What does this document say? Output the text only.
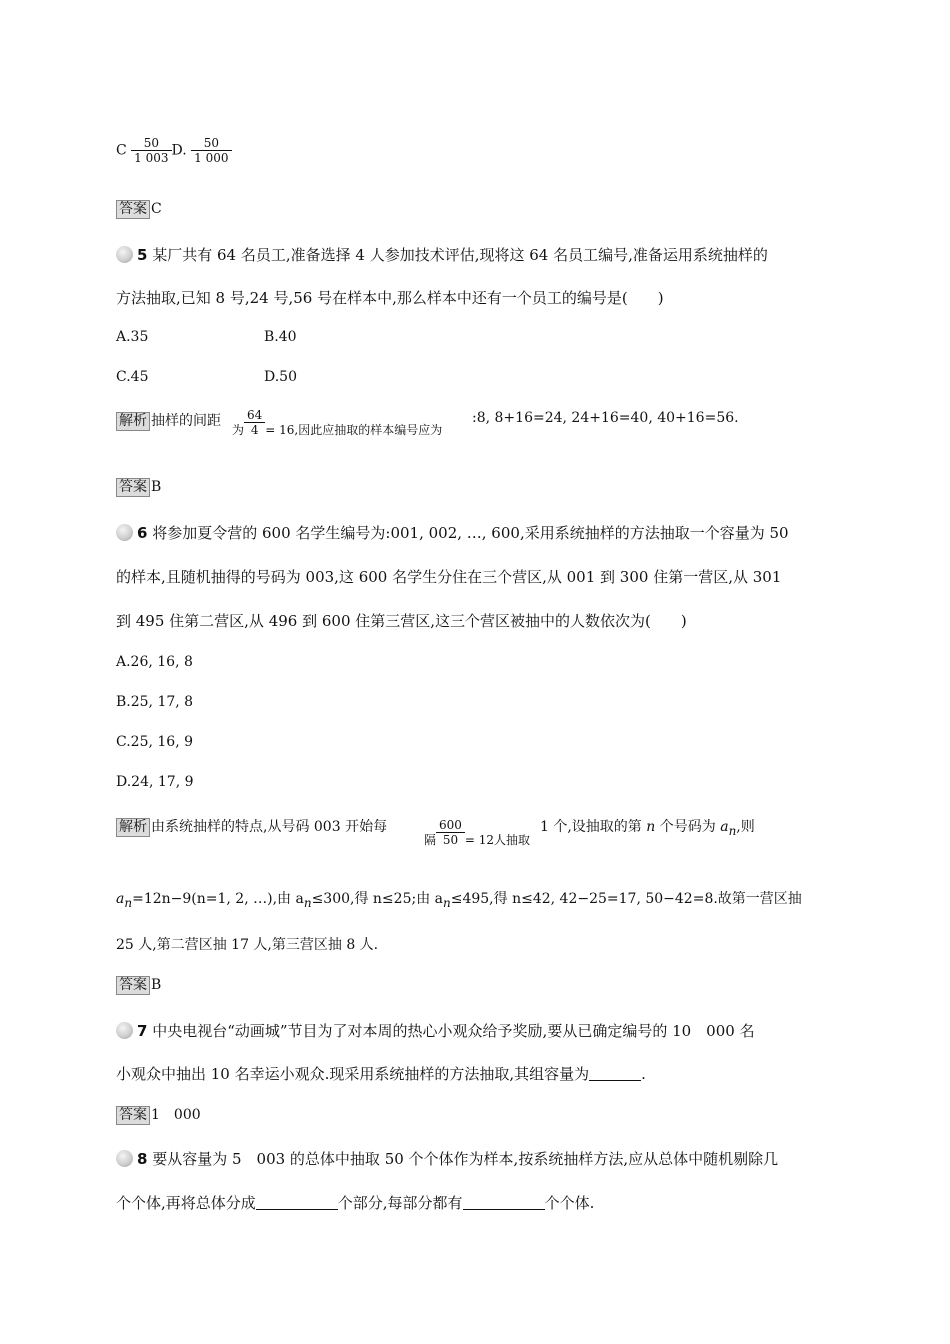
C $\frac{50}{1 003} D$. $\frac{50}{1 000}$
答案 C
5 某厂共有 64 名员工,准备选择 4 人参加技术评估,现将这 64 名员工编号,准备运用系统抽样的
方法抽取,已知 8 号,24 号,56 号在样本中,那么样本中还有一个员工的编号是(　　)
A.35	B.40
C.45	D.50
解析 抽样的间距
为 $\frac{64}{4} = 16$,因此应抽取的样本编号应为
:8, 8+16=24, 24+16=40, 40+16=56.
答案 B
6 将参加夏令营的 600 名学生编号为:001, 002, …, 600,采用系统抽样的方法抽取一个容量为 50
的样本,且随机抽得的号码为 003,这 600 名学生分住在三个营区,从 001 到 300 住第一营区,从 301
到 495 住第二营区,从 496 到 600 住第三营区,这三个营区被抽中的人数依次为(　　)
A.26, 16, 8
B.25, 17, 8
C.25, 16, 9
D.24, 17, 9
解析 由系统抽样的特点,从号码 003 开始每
隔 $\frac{600}{50} = 12$人抽取
1 个,设抽取的第 n 个号码为 $a_n$,则
$a_n=12n-9(n=1$, 2, …),由 $a_n\le 300$,得 n≤25;由 $a_n\le 495$,得 n≤42, 42−25=17, 50−42=8.故第一营区抽
25 人,第二营区抽 17 人,第三营区抽 8 人.
答案 B
7 中央电视台“动画城”节目为了对本周的热心小观众给予奖励,要从已确定编号的 10　000 名
小观众中抽出 10 名幸运小观众.现采用系统抽样的方法抽取,其组容量为	.
答案 1　000
8 要从容量为 5　003 的总体中抽取 50 个个体作为样本,按系统抽样方法,应从总体中随机剔除几
个个体,再将总体分成	个部分,每部分都有	个个体.
